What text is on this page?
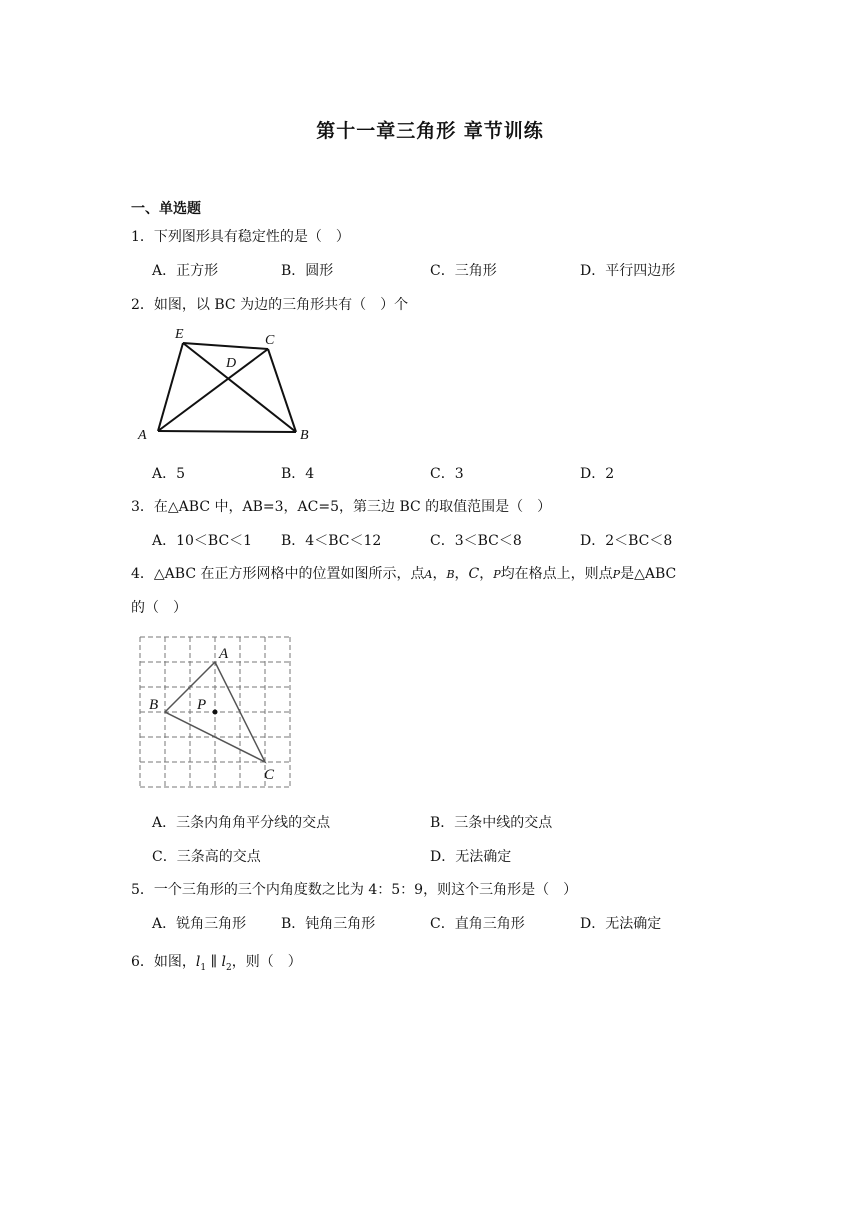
第十一章三角形 章节训练
一、单选题
1．下列图形具有稳定性的是（　）
A．正方形	B．圆形	C．三角形	D．平行四边形
2．如图，以 BC 为边的三角形共有（　）个
E	C
D
A	B
A．5	B．4	C．3	D．2
3．在△ABC 中，AB=3，AC=5，第三边 BC 的取值范围是（　）
A．10＜BC＜1 B．4＜BC＜12	C．3＜BC＜8	D．2＜BC＜8
4．△ABC 在正方形网格中的位置如图所示，点A，B，C，P均在格点上，则点P是△ABC
的（　）
A
B	P
C
A．三条内角角平分线的交点	B．三条中线的交点
C．三条高的交点	D．无法确定
5．一个三角形的三个内角度数之比为 4：5：9，则这个三角形是（　）
A．锐角三角形 B．钝角三角形	C．直角三角形	D．无法确定
6．如图，$l_1$ ∥ $l_2$，则（　）
